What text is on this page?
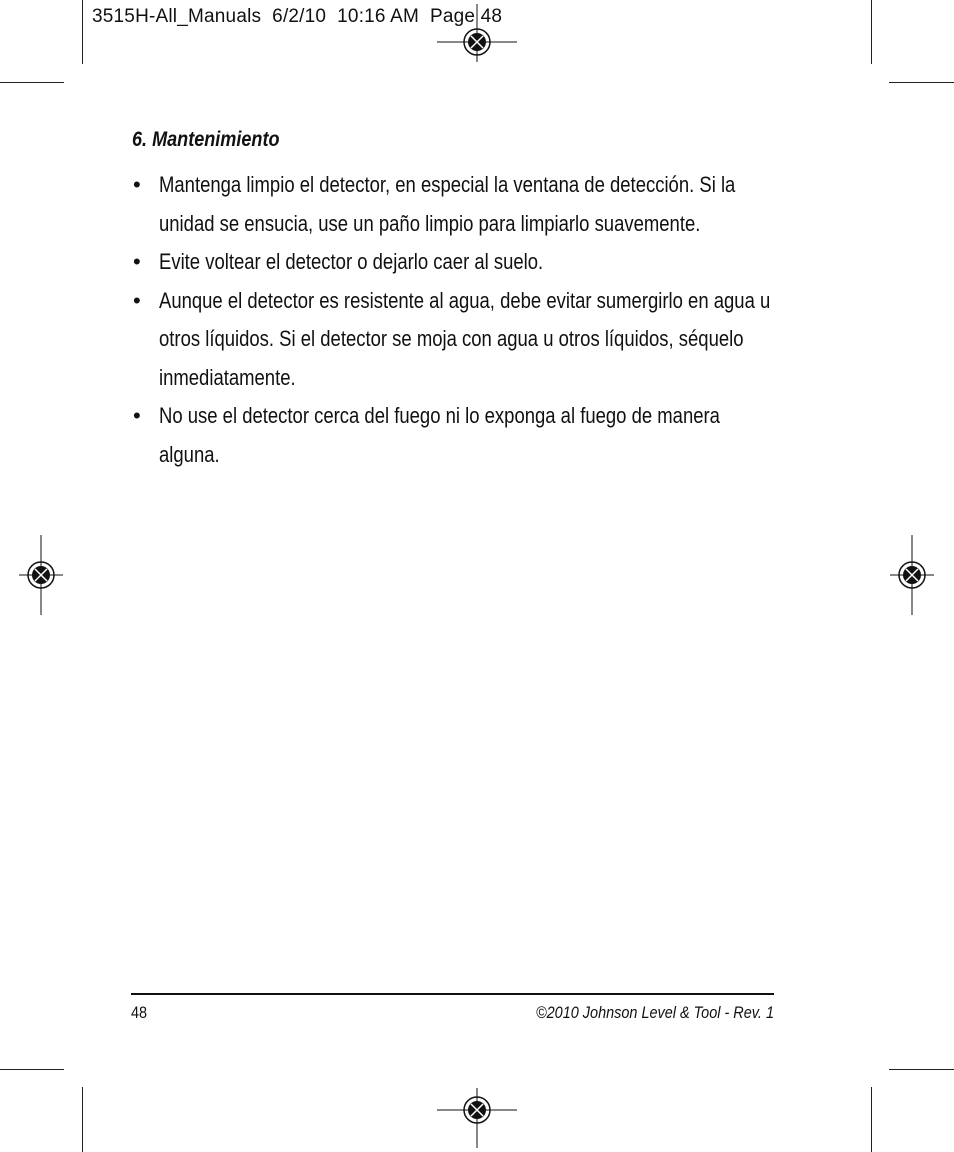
3515H-All_Manuals  6/2/10  10:16 AM  Page 48
6. Mantenimiento
• Mantenga limpio el detector, en especial la ventana de detección. Si la unidad se ensucia, use un paño limpio para limpiarlo suavemente.
• Evite voltear el detector o dejarlo caer al suelo.
• Aunque el detector es resistente al agua, debe evitar sumergirlo en agua u otros líquidos. Si el detector se moja con agua u otros líquidos, séquelo inmediatamente.
• No use el detector cerca del fuego ni lo exponga al fuego de manera alguna.
48	©2010 Johnson Level & Tool - Rev. 1
